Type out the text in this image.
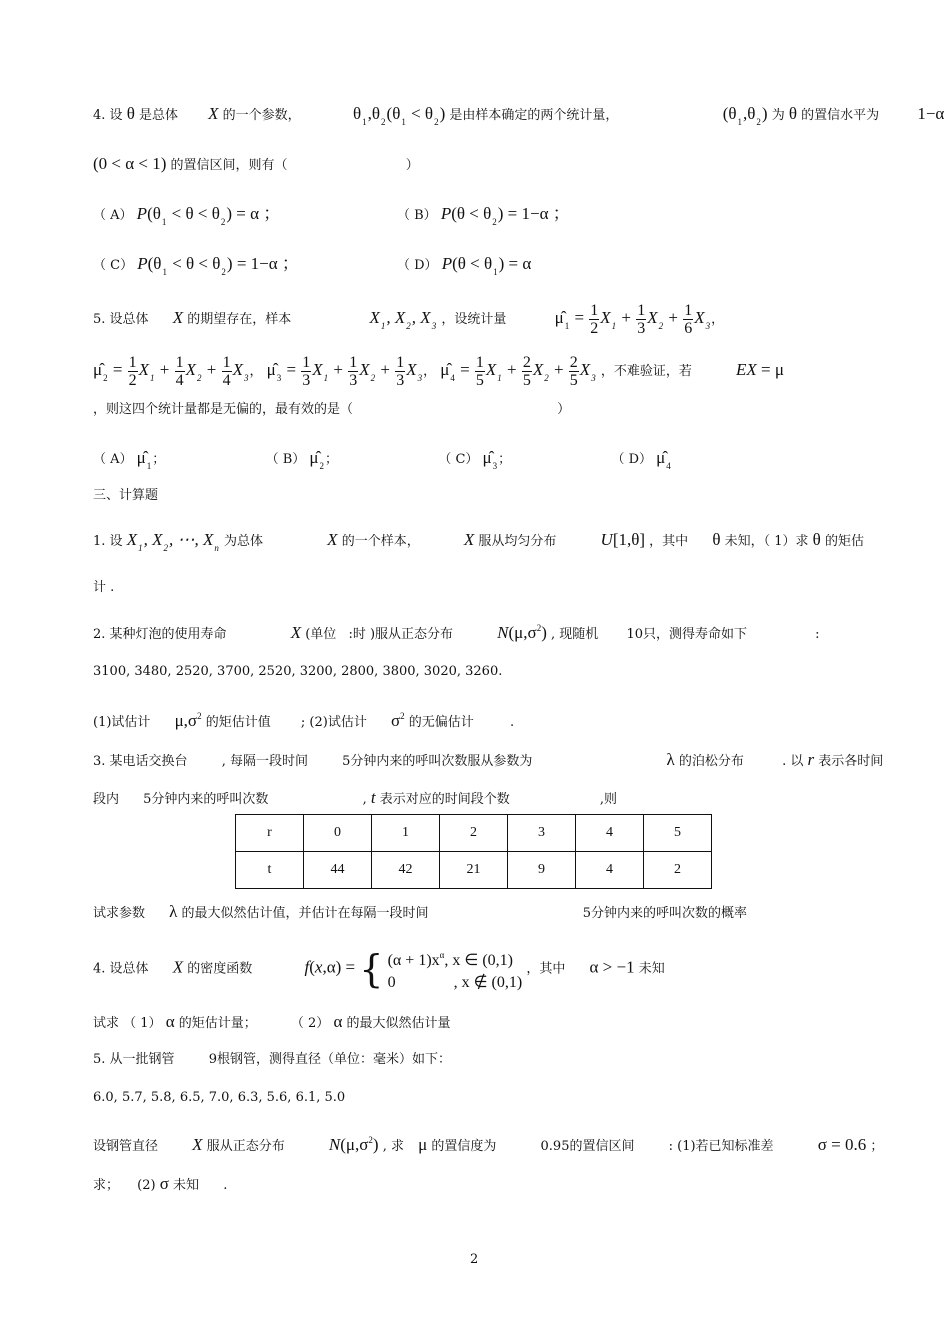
4. 设 θ 是总体 X 的一个参数，	$\theta_1,\theta_2(\theta_1 < \theta_2)$ 是由样本确定的两个统计量，	$(\theta_1,\theta_2)$ 为 θ 的置信水平为 1−α
(0 < α < 1) 的置信区间，则有（	）
（ A） $P(\theta_1 < \theta < \theta_2) = \alpha$ ；	（ B） $P(\theta < \theta_2) = 1-\alpha$ ；
（ C） $P(\theta_1 < \theta < \theta_2) = 1-\alpha$ ；	（ D） $P(\theta < \theta_1) = \alpha$
5. 设总体 X 的期望存在，样本	$X_1$, $X_2$, $X_3$ ，设统计量	$\mû_1 = \frac{1}{2} X_1 + \frac{1}{3} X_2 + \frac{1}{6} X_3$，
$\mû_2 = \frac{1}{2} X_1 + \frac{1}{4} X_2 + \frac{1}{4} X_3$， $\mû_3 = \frac{1}{3} X_1 + \frac{1}{3} X_2 + \frac{1}{3} X_3$， $\mû_4 = \frac{1}{5} X_1 + \frac{2}{5} X_2 + \frac{2}{5} X_3$ ，不难验证，若	EX = μ
，则这四个统计量都是无偏的，最有效的是（	）
（ A） $\mû_1$；	（ B） $\mû_2$；	（ C） $\mû_3$；	（ D） $\mû_4$
三、计算题
1. 设 $X_1$, $X_2$, ⋯, $X_n$ 为总体	X 的一个样本，	X 服从均匀分布	U[1,θ] ，其中 θ 未知，（ 1）求 θ 的矩估
计 .
2. 某种灯泡的使用寿命	X (单位 :时 )服从正态分布	$N(\mu,\sigma^2)$ , 现随机 10只，测得寿命如下	:
3100, 3480, 2520, 3700, 2520, 3200, 2800, 3800, 3020, 3260.
(1)试估计 $\mu,\sigma^2$ 的矩估计值 ; (2)试估计 $\sigma^2$ 的无偏估计	.
3. 某电话交换台	, 每隔一段时间	5分钟内来的呼叫次数服从参数为	λ 的泊松分布	. 以 r 表示各时间
段内 5分钟内来的呼叫次数	, t 表示对应的时间段个数	,则
r	0	1	2	3	4	5
t	44	42	21	9	4	2
试求参数 λ 的最大似然估计值，并估计在每隔一段时间	5分钟内来的呼叫次数的概率
4. 设总体 X 的密度函数	f(x,α) = { $(\alpha + 1)x^\alpha$, x ∈ (0,1)
0	, x ∉ (0,1) ，其中 α > −1 未知
试求 （ 1） α 的矩估计量；	（ 2） α 的最大似然估计量
5. 从一批钢管	9根钢管，测得直径（单位：毫米）如下：
6.0, 5.7, 5.8, 6.5, 7.0, 6.3, 5.6, 6.1, 5.0
设钢管直径 X 服从正态分布	$N(\mu,\sigma^2)$ , 求 μ 的置信度为	0.95的置信区间	: (1)若已知标准差	σ = 0.6 ；
求； (2) σ 未知 .
2
